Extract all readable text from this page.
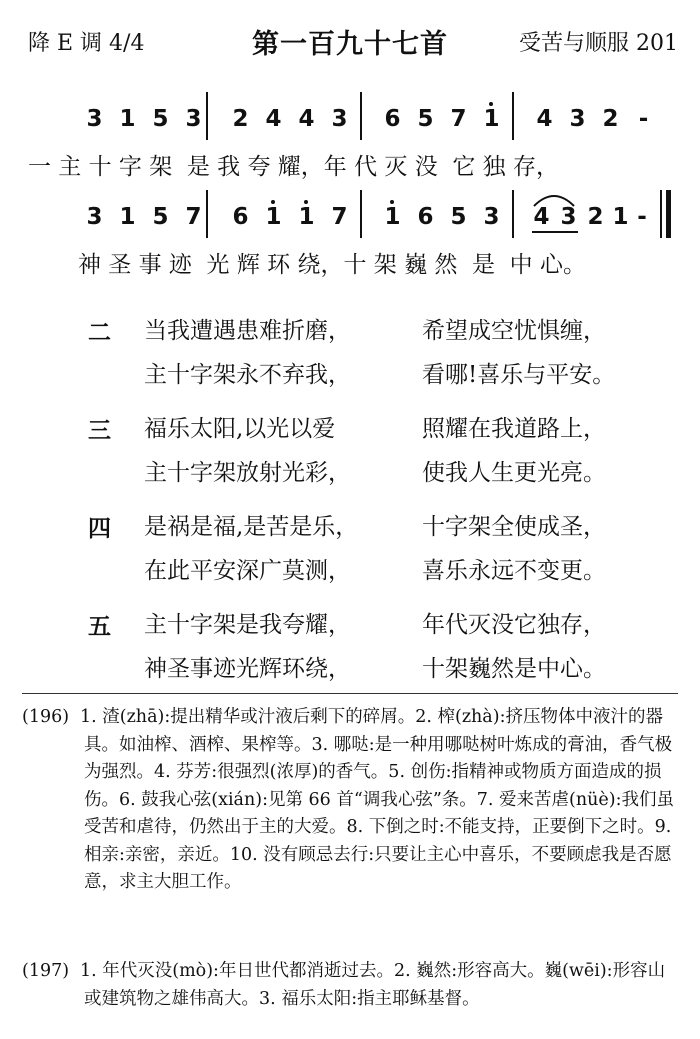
降 E 调 4/4	第一百九十七首	受苦与顺服 201
3 1 5 3	2 4 4 3	6 5 7 1	4 3 2 -
一 主 十 字 架  是 我 夸 耀，年 代 灭 没  它 独 存，
3 1 5 7	6 1 1 7	1 6 5 3	4 3 2 1 -
神 圣 事 迹  光 辉 环 绕，十 架 巍 然  是  中 心。
二 当我遭遇患难折磨，	希望成空忧惧缠，
主十字架永不弃我，	看哪!喜乐与平安。
三 福乐太阳,以光以爱	照耀在我道路上，
主十字架放射光彩，	使我人生更光亮。
四 是祸是福,是苦是乐，	十字架全使成圣，
在此平安深广莫测，	喜乐永远不变更。
五 主十字架是我夸耀，	年代灭没它独存，
神圣事迹光辉环绕，	十架巍然是中心。
(196) 1. 渣(zhā):提出精华或汁液后剩下的碎屑。2. 榨(zhà):挤压物体中液汁的器具。如油榨、酒榨、果榨等。3. 哪哒:是一种用哪哒树叶炼成的膏油，香气极为强烈。4. 芬芳:很强烈(浓厚)的香气。5. 创伤:指精神或物质方面造成的损伤。6. 鼓我心弦(xián):见第 66 首“调我心弦”条。7. 爱来苦虐(nüè):我们虽受苦和虐待，仍然出于主的大爱。8. 下倒之时:不能支持，正要倒下之时。9. 相亲:亲密，亲近。10. 没有顾忌去行:只要让主心中喜乐，不要顾虑我是否愿意，求主大胆工作。
(197) 1. 年代灭没(mò):年日世代都消逝过去。2. 巍然:形容高大。巍(wēi):形容山或建筑物之雄伟高大。3. 福乐太阳:指主耶稣基督。
